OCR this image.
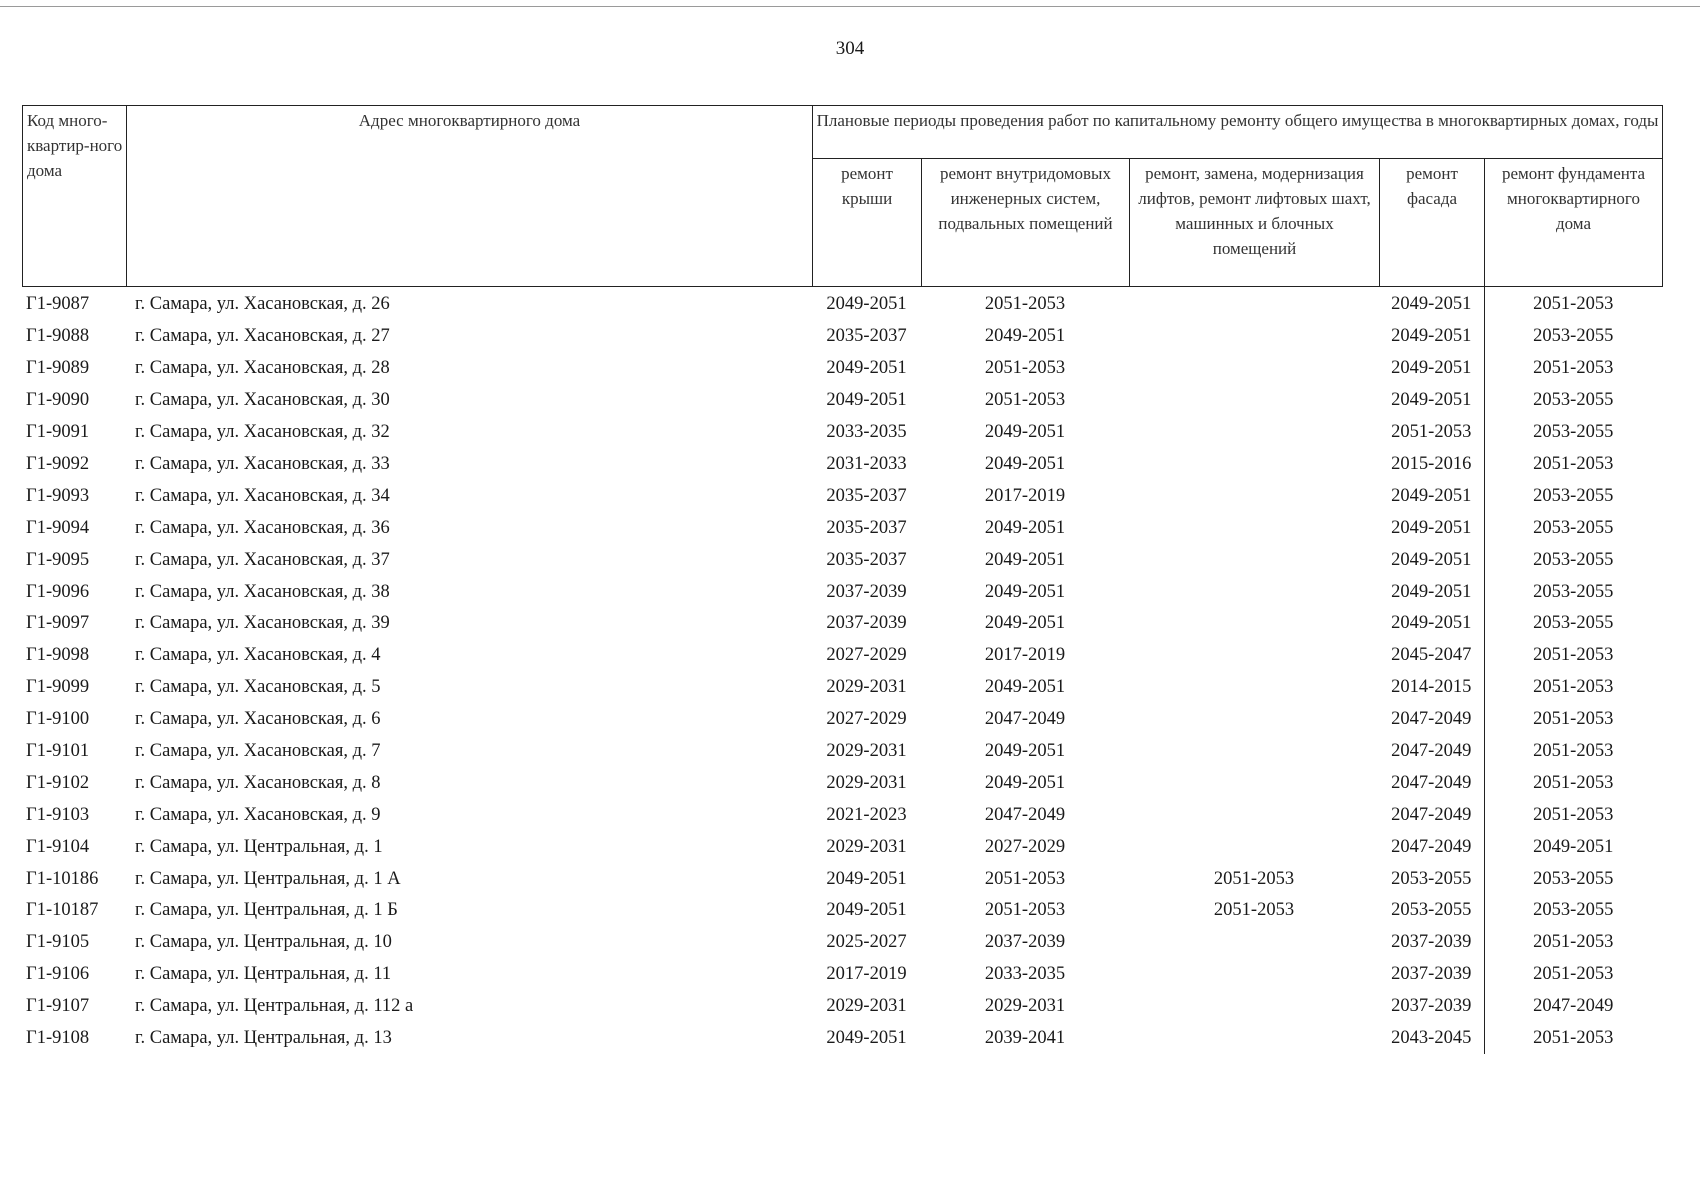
304
Код много-квартир-ного дома	Адрес многоквартирного дома	Плановые периоды проведения работ по капитальному ремонту общего имущества в многоквартирных домах, годы				
		ремонт крыши	ремонт внутридомовых инженерных систем, подвальных помещений	ремонт, замена, модернизация лифтов, ремонт лифтовых шахт, машинных и блочных помещений	ремонт фасада	ремонт фундамента многоквартирного дома
Г1-9087	г. Самара, ул. Хасановская, д. 26	2049-2051	2051-2053		2049-2051	2051-2053
Г1-9088	г. Самара, ул. Хасановская, д. 27	2035-2037	2049-2051		2049-2051	2053-2055
Г1-9089	г. Самара, ул. Хасановская, д. 28	2049-2051	2051-2053		2049-2051	2051-2053
Г1-9090	г. Самара, ул. Хасановская, д. 30	2049-2051	2051-2053		2049-2051	2053-2055
Г1-9091	г. Самара, ул. Хасановская, д. 32	2033-2035	2049-2051		2051-2053	2053-2055
Г1-9092	г. Самара, ул. Хасановская, д. 33	2031-2033	2049-2051		2015-2016	2051-2053
Г1-9093	г. Самара, ул. Хасановская, д. 34	2035-2037	2017-2019		2049-2051	2053-2055
Г1-9094	г. Самара, ул. Хасановская, д. 36	2035-2037	2049-2051		2049-2051	2053-2055
Г1-9095	г. Самара, ул. Хасановская, д. 37	2035-2037	2049-2051		2049-2051	2053-2055
Г1-9096	г. Самара, ул. Хасановская, д. 38	2037-2039	2049-2051		2049-2051	2053-2055
Г1-9097	г. Самара, ул. Хасановская, д. 39	2037-2039	2049-2051		2049-2051	2053-2055
Г1-9098	г. Самара, ул. Хасановская, д. 4	2027-2029	2017-2019		2045-2047	2051-2053
Г1-9099	г. Самара, ул. Хасановская, д. 5	2029-2031	2049-2051		2014-2015	2051-2053
Г1-9100	г. Самара, ул. Хасановская, д. 6	2027-2029	2047-2049		2047-2049	2051-2053
Г1-9101	г. Самара, ул. Хасановская, д. 7	2029-2031	2049-2051		2047-2049	2051-2053
Г1-9102	г. Самара, ул. Хасановская, д. 8	2029-2031	2049-2051		2047-2049	2051-2053
Г1-9103	г. Самара, ул. Хасановская, д. 9	2021-2023	2047-2049		2047-2049	2051-2053
Г1-9104	г. Самара, ул. Центральная, д. 1	2029-2031	2027-2029		2047-2049	2049-2051
Г1-10186	г. Самара, ул. Центральная, д. 1 А	2049-2051	2051-2053	2051-2053	2053-2055	2053-2055
Г1-10187	г. Самара, ул. Центральная, д. 1 Б	2049-2051	2051-2053	2051-2053	2053-2055	2053-2055
Г1-9105	г. Самара, ул. Центральная, д. 10	2025-2027	2037-2039		2037-2039	2051-2053
Г1-9106	г. Самара, ул. Центральная, д. 11	2017-2019	2033-2035		2037-2039	2051-2053
Г1-9107	г. Самара, ул. Центральная, д. 112 а	2029-2031	2029-2031		2037-2039	2047-2049
Г1-9108	г. Самара, ул. Центральная, д. 13	2049-2051	2039-2041		2043-2045	2051-2053
